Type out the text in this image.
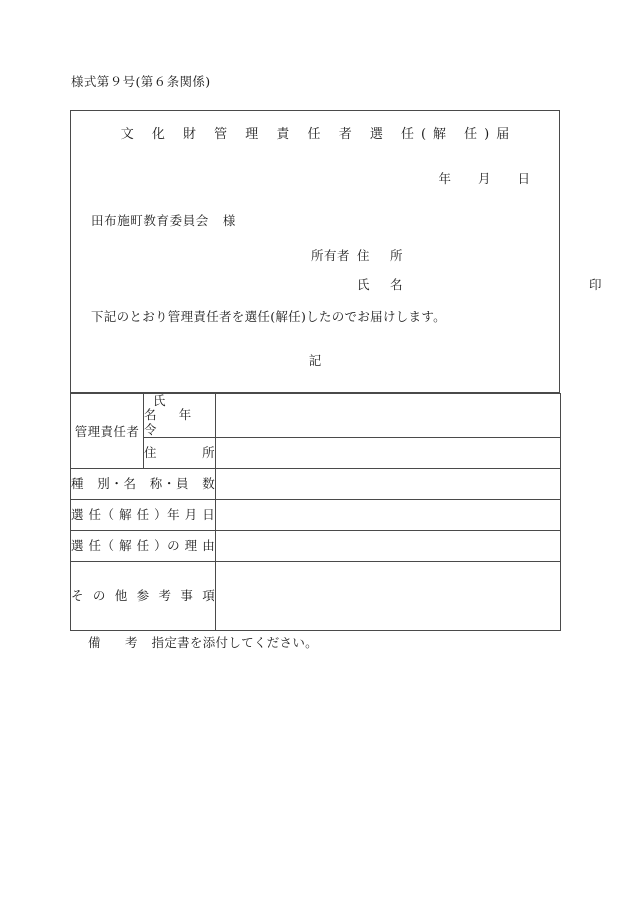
様式第９号(第６条関係)
文 化 財 管 理 責 任 者 選 任(解 任)届
年 月 日
田布施町教育委員会 様
所有者 住　所
氏　名	印
下記のとおり管理責任者を選任(解任)したのでお届けします。
記
管理責任者	氏　　　名 年　　　令	
	住　　　所	
種　別・名　称・員　数		
選 任（ 解 任 ）年 月 日		
選 任（ 解 任 ）の 理 由		
そ の 他 参 考 事 項		
備　考 指定書を添付してください。
